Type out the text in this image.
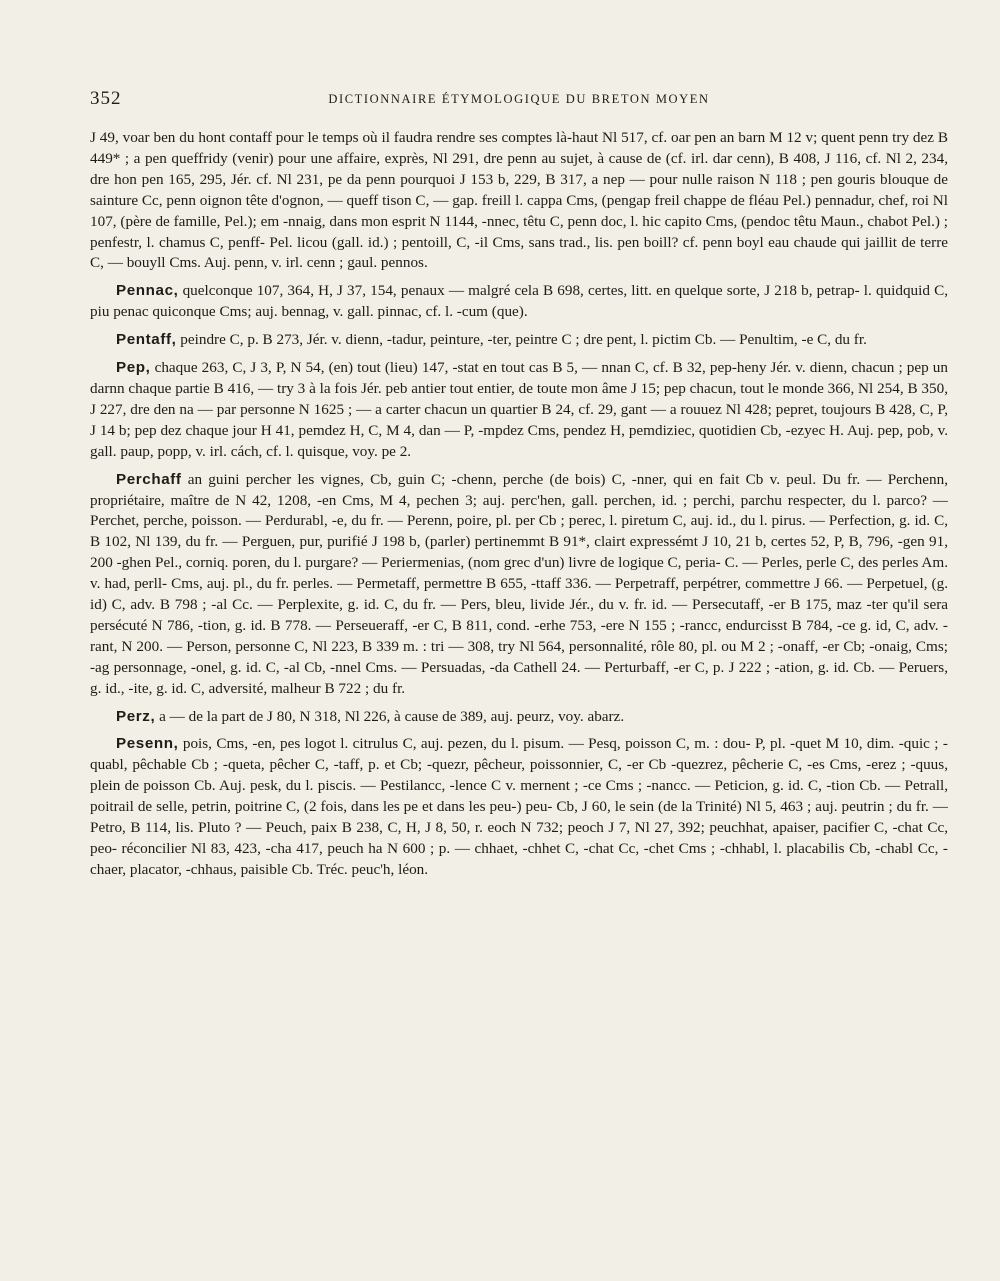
352	DICTIONNAIRE ÉTYMOLOGIQUE DU BRETON MOYEN

J 49, voar ben du hont contaff pour le temps où il faudra rendre ses comptes là-haut Nl 517, cf. oar pen an barn M 12 v; quent penn try dez B 449* ; a pen queffridy (venir) pour une affaire, exprès, Nl 291, dre penn au sujet, à cause de (cf. irl. dar cenn), B 408, J 116, cf. Nl 2, 234, dre hon pen 165, 295, Jér. cf. Nl 231, pe da penn pourquoi J 153 b, 229, B 317, a nep — pour nulle raison N 118 ; pen gouris blouque de sainture Cc, penn oignon tête d'ognon, — queff tison C, — gap. freill l. cappa Cms, (pengap freil chappe de fléau Pel.) pennadur, chef, roi Nl 107, (père de famille, Pel.); em -nnaig, dans mon esprit N 1144, -nnec, têtu C, penn doc, l. hic capito Cms, (pendoc têtu Maun., chabot Pel.) ; penfestr, l. chamus C, penff- Pel. licou (gall. id.) ; pentoill, C, -il Cms, sans trad., lis. pen boill? cf. penn boyl eau chaude qui jaillit de terre C, — bouyll Cms. Auj. penn, v. irl. cenn ; gaul. pennos.

Pennac, quelconque 107, 364, H, J 37, 154, penaux — malgré cela B 698, certes, litt. en quelque sorte, J 218 b, petrap- l. quidquid C, piu penac quiconque Cms; auj. bennag, v. gall. pinnac, cf. l. -cum (que).

Pentaff, peindre C, p. B 273, Jér. v. dienn, -tadur, peinture, -ter, peintre C ; dre pent, l. pictim Cb. — Penultim, -e C, du fr.

Pep, chaque 263, C, J 3, P, N 54, (en) tout (lieu) 147, -stat en tout cas B 5, — nnan C, cf. B 32, pep-heny Jér. v. dienn, chacun ; pep un darnn chaque partie B 416, — try 3 à la fois Jér. peb antier tout entier, de toute mon âme J 15; pep chacun, tout le monde 366, Nl 254, B 350, J 227, dre den na — par personne N 1625 ; — a carter chacun un quartier B 24, cf. 29, gant — a rouuez Nl 428; pepret, toujours B 428, C, P, J 14 b; pep dez chaque jour H 41, pemdez H, C, M 4, dan — P, -mpdez Cms, pendez H, pemdiziec, quotidien Cb, -ezyec H. Auj. pep, pob, v. gall. paup, popp, v. irl. cách, cf. l. quisque, voy. pe 2.

Perchaff an guini percher les vignes, Cb, guin C; -chenn, perche (de bois) C, -nner, qui en fait Cb v. peul. Du fr. — Perchenn, propriétaire, maître de N 42, 1208, -en Cms, M 4, pechen 3; auj. perc'hen, gall. perchen, id. ; perchi, parchu respecter, du l. parco? — Perchet, perche, poisson. — Perdurabl, -e, du fr. — Perenn, poire, pl. per Cb ; perec, l. piretum C, auj. id., du l. pirus. — Perfection, g. id. C, B 102, Nl 139, du fr. — Perguen, pur, purifié J 198 b, (parler) pertinemmt B 91*, clairt expressémt J 10, 21 b, certes 52, P, B, 796, -gen 91, 200 -ghen Pel., corniq. poren, du l. purgare? — Periermenias, (nom grec d'un) livre de logique C, peria- C. — Perles, perle C, des perles Am. v. had, perll- Cms, auj. pl., du fr. perles. — Permetaff, permettre B 655, -ttaff 336. — Perpetraff, perpétrer, commettre J 66. — Perpetuel, (g. id) C, adv. B 798 ; -al Cc. — Perplexite, g. id. C, du fr. — Pers, bleu, livide Jér., du v. fr. id. — Persecutaff, -er B 175, maz -ter qu'il sera persécuté N 786, -tion, g. id. B 778. — Perseueraff, -er C, B 811, cond. -erhe 753, -ere N 155 ; -rancc, endurcisst B 784, -ce g. id, C, adv. -rant, N 200. — Person, personne C, Nl 223, B 339 m. : tri — 308, try Nl 564, personnalité, rôle 80, pl. ou M 2 ; -onaff, -er Cb; -onaig, Cms; -ag personnage, -onel, g. id. C, -al Cb, -nnel Cms. — Persuadas, -da Cathell 24. — Perturbaff, -er C, p. J 222 ; -ation, g. id. Cb. — Peruers, g. id., -ite, g. id. C, adversité, malheur B 722 ; du fr.

Perz, a — de la part de J 80, N 318, Nl 226, à cause de 389, auj. peurz, voy. abarz.

Pesenn, pois, Cms, -en, pes logot l. citrulus C, auj. pezen, du l. pisum. — Pesq, poisson C, m. : dou- P, pl. -quet M 10, dim. -quic ; -quabl, pêchable Cb ; -queta, pêcher C, -taff, p. et Cb; -quezr, pêcheur, poissonnier, C, -er Cb -quezrez, pêcherie C, -es Cms, -erez ; -quus, plein de poisson Cb. Auj. pesk, du l. piscis. — Pestilancc, -lence C v. mernent ; -ce Cms ; -nancc. — Peticion, g. id. C, -tion Cb. — Petrall, poitrail de selle, petrin, poitrine C, (2 fois, dans les pe et dans les peu-) peu- Cb, J 60, le sein (de la Trinité) Nl 5, 463 ; auj. peutrin ; du fr. — Petro, B 114, lis. Pluto ? — Peuch, paix B 238, C, H, J 8, 50, r. eoch N 732; peoch J 7, Nl 27, 392; peuchhat, apaiser, pacifier C, -chat Cc, peo- réconcilier Nl 83, 423, -cha 417, peuch ha N 600 ; p. — chhaet, -chhet C, -chat Cc, -chet Cms ; -chhabl, l. placabilis Cb, -chabl Cc, -chaer, placator, -chhaus, paisible Cb. Tréc. peuc'h, léon.
